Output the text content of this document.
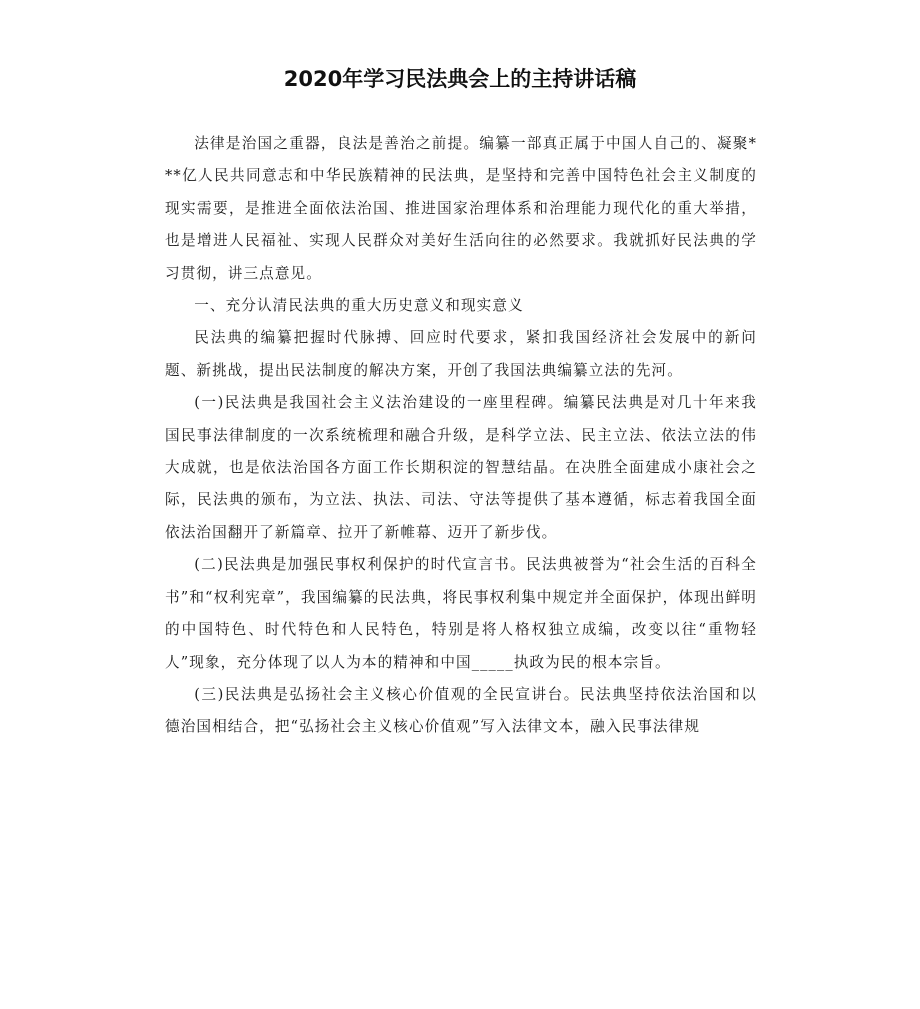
2020年学习民法典会上的主持讲话稿

法律是治国之重器，良法是善治之前提。编纂一部真正属于中国人自己的、凝聚***亿人民共同意志和中华民族精神的民法典，是坚持和完善中国特色社会主义制度的现实需要，是推进全面依法治国、推进国家治理体系和治理能力现代化的重大举措，也是增进人民福祉、实现人民群众对美好生活向往的必然要求。我就抓好民法典的学习贯彻，讲三点意见。

一、充分认清民法典的重大历史意义和现实意义

民法典的编纂把握时代脉搏、回应时代要求，紧扣我国经济社会发展中的新问题、新挑战，提出民法制度的解决方案，开创了我国法典编纂立法的先河。

(一)民法典是我国社会主义法治建设的一座里程碑。编纂民法典是对几十年来我国民事法律制度的一次系统梳理和融合升级，是科学立法、民主立法、依法立法的伟大成就，也是依法治国各方面工作长期积淀的智慧结晶。在决胜全面建成小康社会之际，民法典的颁布，为立法、执法、司法、守法等提供了基本遵循，标志着我国全面依法治国翻开了新篇章、拉开了新帷幕、迈开了新步伐。

(二)民法典是加强民事权利保护的时代宣言书。民法典被誉为“社会生活的百科全书”和“权利宪章”，我国编纂的民法典，将民事权利集中规定并全面保护，体现出鲜明的中国特色、时代特色和人民特色，特别是将人格权独立成编，改变以往“重物轻人”现象，充分体现了以人为本的精神和中国_____执政为民的根本宗旨。

(三)民法典是弘扬社会主义核心价值观的全民宣讲台。民法典坚持依法治国和以德治国相结合，把“弘扬社会主义核心价值观”写入法律文本，融入民事法律规
